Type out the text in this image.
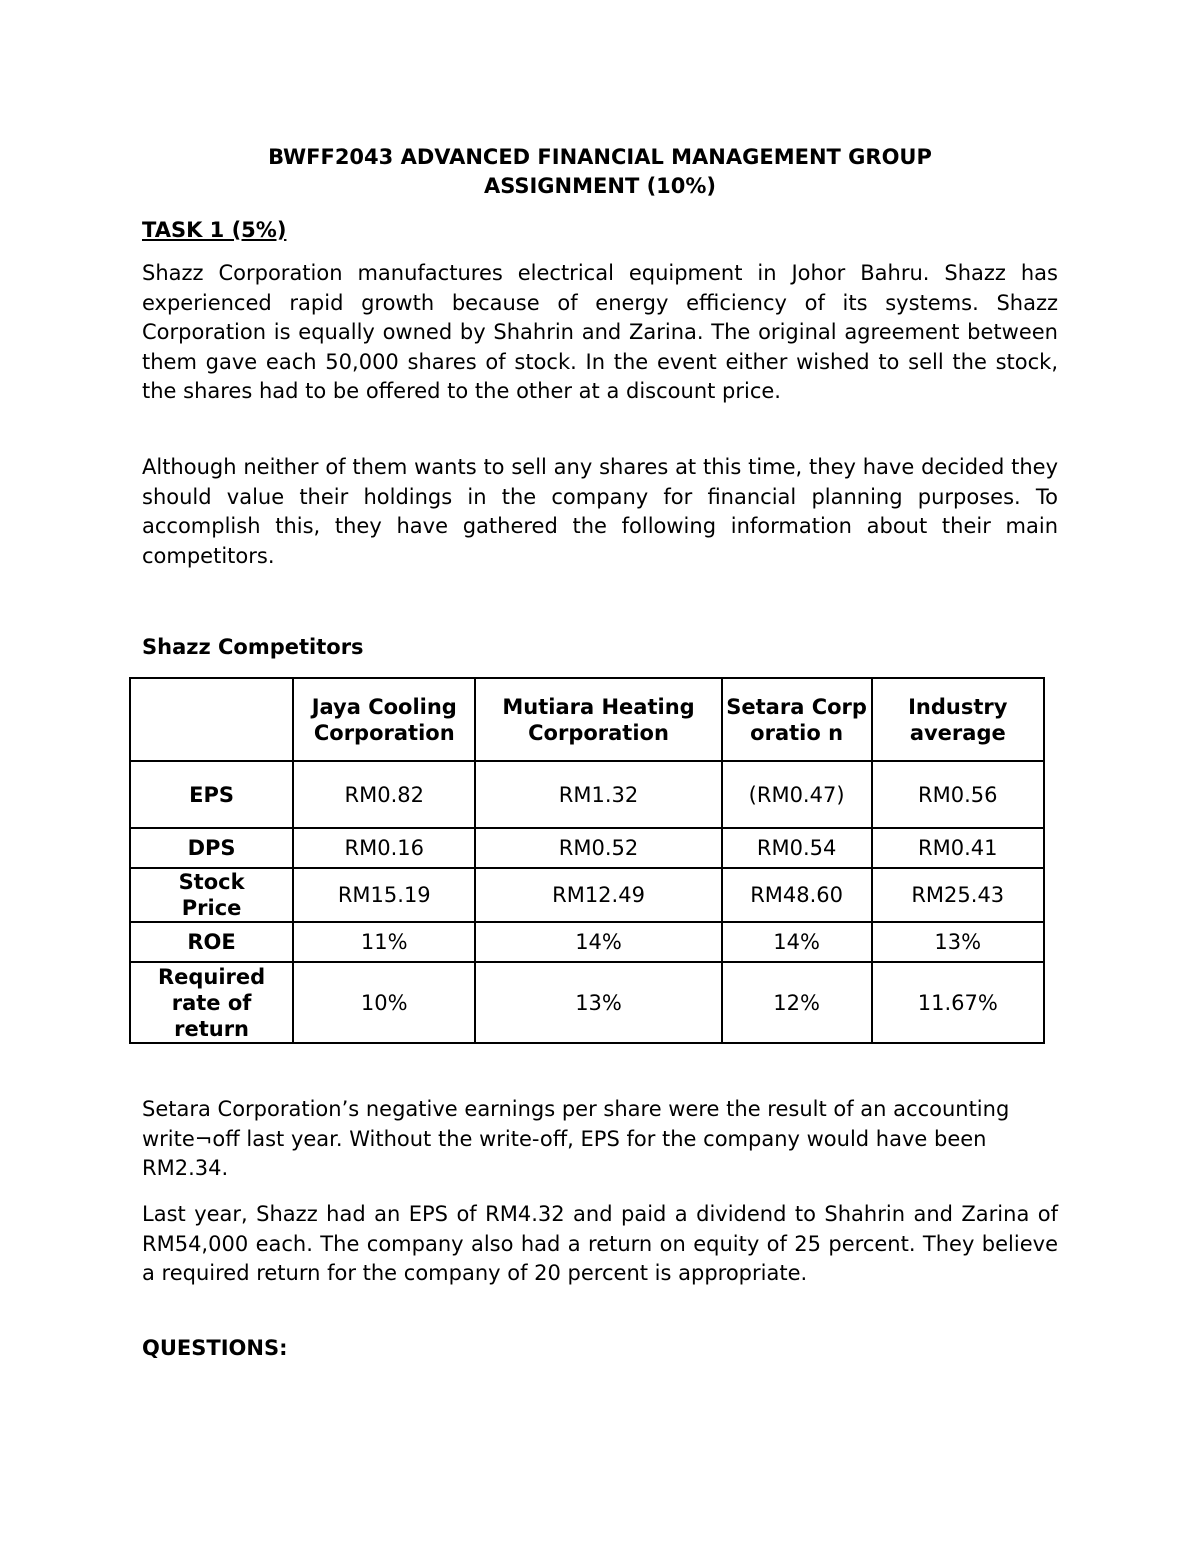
BWFF2043 ADVANCED FINANCIAL MANAGEMENT GROUP
ASSIGNMENT (10%)
TASK 1 (5%)
Shazz Corporation manufactures electrical equipment in Johor Bahru. Shazz has experienced rapid growth because of energy efficiency of its systems. Shazz Corporation is equally owned by Shahrin and Zarina. The original agreement between them gave each 50,000 shares of stock. In the event either wished to sell the stock, the shares had to be offered to the other at a discount price.
Although neither of them wants to sell any shares at this time, they have decided they should value their holdings in the company for financial planning purposes. To accomplish this, they have gathered the following information about their main competitors.
Shazz Competitors
	Jaya Cooling Corporation	Mutiara Heating Corporation	Setara Corporatio n	Industry average
EPS	RM0.82	RM1.32	(RM0.47)	RM0.56
DPS	RM0.16	RM0.52	RM0.54	RM0.41
Stock Price	RM15.19	RM12.49	RM48.60	RM25.43
ROE	11%	14%	14%	13%
Required rate of return	10%	13%	12%	11.67%
Setara Corporation’s negative earnings per share were the result of an accounting write¬off last year. Without the write-off, EPS for the company would have been RM2.34.
Last year, Shazz had an EPS of RM4.32 and paid a dividend to Shahrin and Zarina of RM54,000 each. The company also had a return on equity of 25 percent. They believe a required return for the company of 20 percent is appropriate.
QUESTIONS:
